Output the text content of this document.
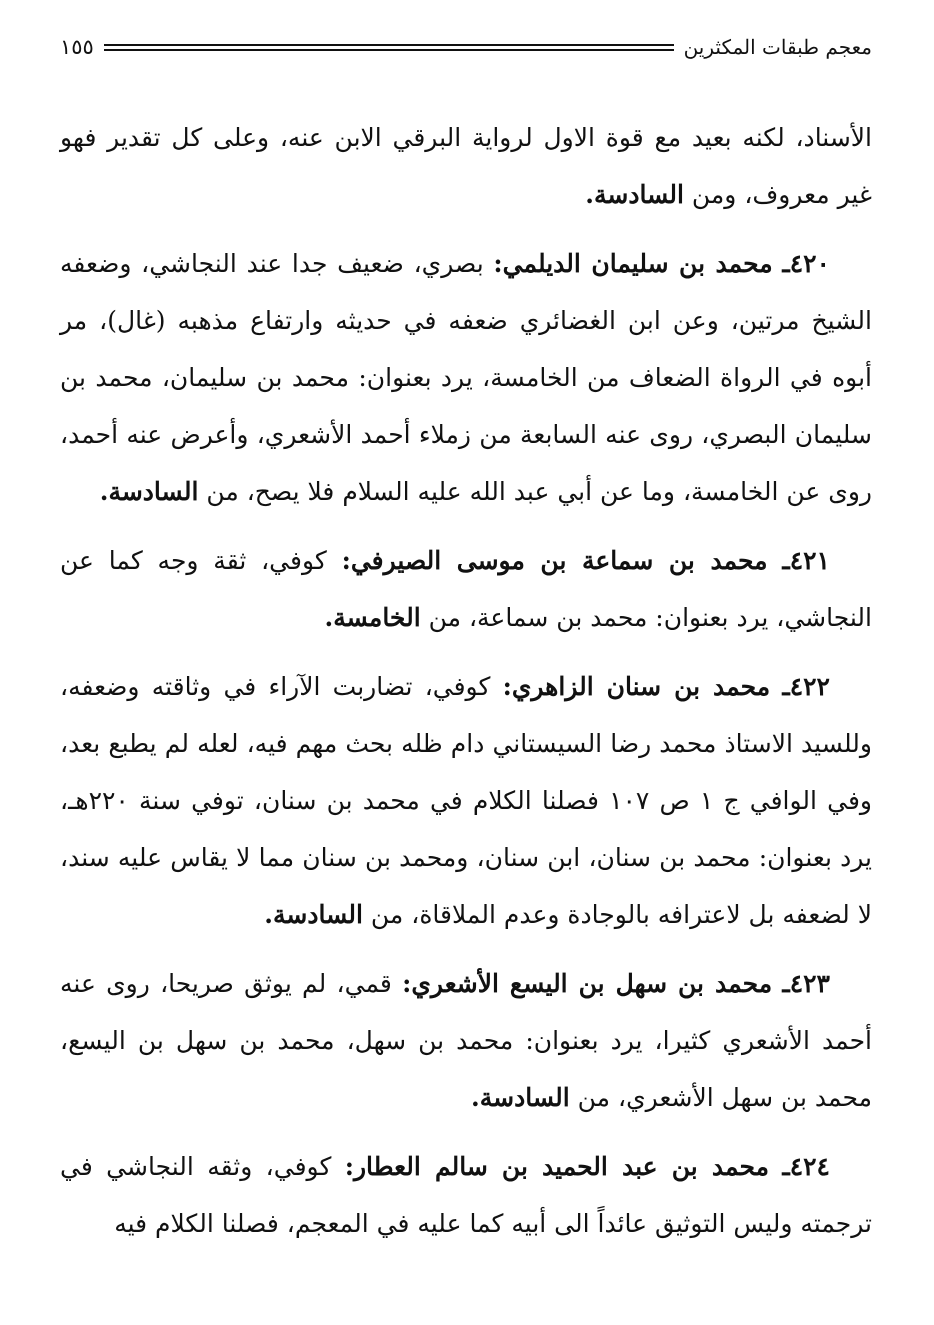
معجم طبقات المكثرين
١٥٥

الأسناد، لكنه بعيد مع قوة الاول لرواية البرقي الابن عنه، وعلى كل تقدير فهو غير معروف، ومن السادسة.

٤٢٠ـ محمد بن سليمان الديلمي: بصري، ضعيف جدا عند النجاشي، وضعفه الشيخ مرتين، وعن ابن الغضائري ضعفه في حديثه وارتفاع مذهبه (غال)، مر أبوه في الرواة الضعاف من الخامسة، يرد بعنوان: محمد بن سليمان، محمد بن سليمان البصري، روى عنه السابعة من زملاء أحمد الأشعري، وأعرض عنه أحمد، روى عن الخامسة، وما عن أبي عبد الله عليه السلام فلا يصح، من السادسة.

٤٢١ـ محمد بن سماعة بن موسى الصيرفي: كوفي، ثقة وجه كما عن النجاشي، يرد بعنوان: محمد بن سماعة، من الخامسة.

٤٢٢ـ محمد بن سنان الزاهري: كوفي، تضاربت الآراء في وثاقته وضعفه، وللسيد الاستاذ محمد رضا السيستاني دام ظله بحث مهم فيه، لعله لم يطبع بعد، وفي الوافي ج ١ ص ١٠٧ فصلنا الكلام في محمد بن سنان، توفي سنة ٢٢٠هـ، يرد بعنوان: محمد بن سنان، ابن سنان، ومحمد بن سنان مما لا يقاس عليه سند، لا لضعفه بل لاعترافه بالوجادة وعدم الملاقاة، من السادسة.

٤٢٣ـ محمد بن سهل بن اليسع الأشعري: قمي، لم يوثق صريحا، روى عنه أحمد الأشعري كثيرا، يرد بعنوان: محمد بن سهل، محمد بن سهل بن اليسع، محمد بن سهل الأشعري، من السادسة.

٤٢٤ـ محمد بن عبد الحميد بن سالم العطار: كوفي، وثقه النجاشي في ترجمته وليس التوثيق عائداً الى أبيه كما عليه في المعجم، فصلنا الكلام فيه
